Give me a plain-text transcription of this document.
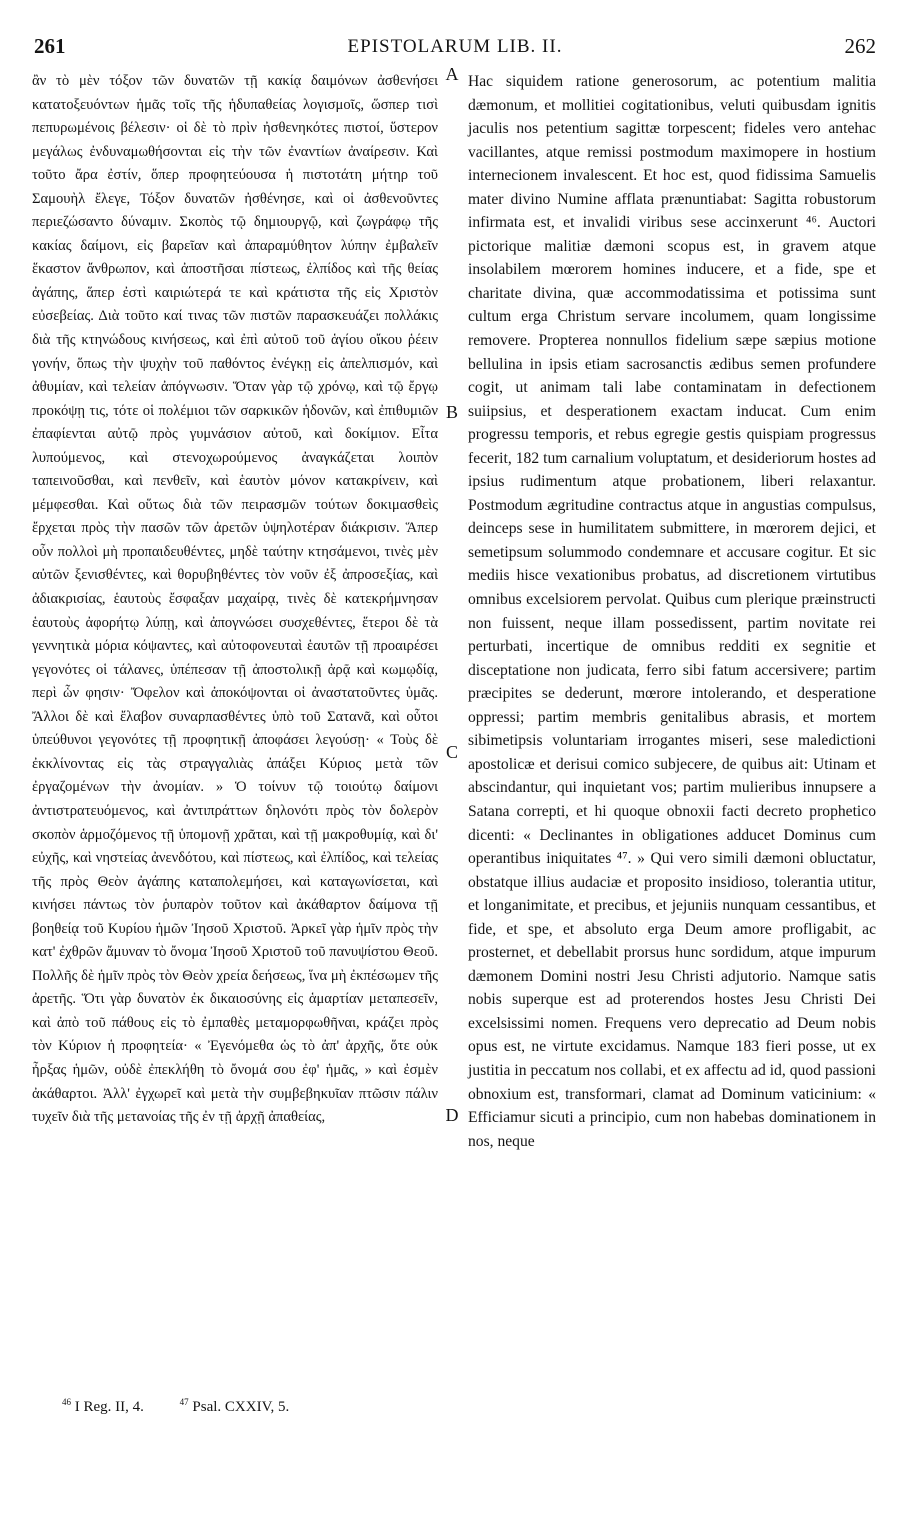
261	EPISTOLARUM LIB. II.	262

ἂν τὸ μὲν τόξον τῶν δυνατῶν τῇ κακίᾳ δαιμόνων ἀσθενήσει κατατοξευόντων ἡμᾶς τοῖς τῆς ἡδυπαθείας λογισμοῖς, ὥσπερ τισὶ πεπυρωμένοις βέλεσιν· οἱ δὲ τὸ πρὶν ἠσθενηκότες πιστοί, ὕστερον μεγάλως ἐνδυναμωθήσονται εἰς τὴν τῶν ἐναντίων ἀναίρεσιν. Καὶ τοῦτο ἄρα ἐστίν, ὅπερ προφητεύουσα ἡ πιστοτάτη μήτηρ τοῦ Σαμουὴλ ἔλεγε, Τόξον δυνατῶν ἠσθένησε, καὶ οἱ ἀσθενοῦντες περιεζώσαντο δύναμιν. Σκοπὸς τῷ δημιουργῷ, καὶ ζωγράφῳ τῆς κακίας δαίμονι, εἰς βαρεῖαν καὶ ἀπαραμύθητον λύπην ἐμβαλεῖν ἕκαστον ἄνθρωπον, καὶ ἀποστῆσαι πίστεως, ἐλπίδος καὶ τῆς θείας ἀγάπης, ἅπερ ἐστὶ καιριώτερά τε καὶ κράτιστα τῆς εἰς Χριστὸν εὐσεβείας. Διὰ τοῦτο καί τινας τῶν πιστῶν παρασκευάζει πολλάκις διὰ τῆς κτηνώδους κινήσεως, καὶ ἐπὶ αὐτοῦ τοῦ ἁγίου οἴκου ῥέειν γονήν, ὅπως τὴν ψυχὴν τοῦ παθόντος ἐνέγκῃ εἰς ἀπελπισμόν, καὶ ἀθυμίαν, καὶ τελείαν ἀπόγνωσιν. Ὅταν γὰρ τῷ χρόνῳ, καὶ τῷ ἔργῳ προκόψῃ τις, τότε οἱ πολέμιοι τῶν σαρκικῶν ἡδονῶν, καὶ ἐπιθυμιῶν ἐπαφίενται αὐτῷ πρὸς γυμνάσιον αὐτοῦ, καὶ δοκίμιον. Εἶτα λυπούμενος, καὶ στενοχωρούμενος ἀναγκάζεται λοιπὸν ταπεινοῦσθαι, καὶ πενθεῖν, καὶ ἑαυτὸν μόνον κατακρίνειν, καὶ μέμφεσθαι. Καὶ οὕτως διὰ τῶν πειρασμῶν τούτων δοκιμασθεὶς ἔρχεται πρὸς τὴν πασῶν τῶν ἀρετῶν ὑψηλοτέραν διάκρισιν. Ἅπερ οὖν πολλοὶ μὴ προπαιδευθέντες, μηδὲ ταύτην κτησάμενοι, τινὲς μὲν αὐτῶν ξενισθέντες, καὶ θορυβηθέντες τὸν νοῦν ἐξ ἀπροσεξίας, καὶ ἀδιακρισίας, ἑαυτοὺς ἔσφαξαν μαχαίρᾳ, τινὲς δὲ κατεκρήμνησαν ἑαυτοὺς ἀφορήτῳ λύπῃ, καὶ ἀπογνώσει συσχεθέντες, ἕτεροι δὲ τὰ γεννητικὰ μόρια κόψαντες, καὶ αὐτοφονευταὶ ἑαυτῶν τῇ προαιρέσει γεγονότες οἱ τάλανες, ὑπέπεσαν τῇ ἀποστολικῇ ἀρᾷ καὶ κωμῳδίᾳ, περὶ ὧν φησιν· Ὄφελον καὶ ἀποκόψονται οἱ ἀναστατοῦντες ὑμᾶς. Ἄλλοι δὲ καὶ ἔλαβον συναρπασθέντες ὑπὸ τοῦ Σατανᾶ, καὶ οὗτοι ὑπεύθυνοι γεγονότες τῇ προφητικῇ ἀποφάσει λεγούσῃ· « Τοὺς δὲ ἐκκλίνοντας εἰς τὰς στραγγαλιὰς ἀπάξει Κύριος μετὰ τῶν ἐργαζομένων τὴν ἀνομίαν. » Ὁ τοίνυν τῷ τοιούτῳ δαίμονι ἀντιστρατευόμενος, καὶ ἀντιπράττων δηλονότι πρὸς τὸν δολερὸν σκοπὸν ἁρμοζόμενος τῇ ὑπομονῇ χρᾶται, καὶ τῇ μακροθυμίᾳ, καὶ δι' εὐχῆς, καὶ νηστείας ἀνενδότου, καὶ πίστεως, καὶ ἐλπίδος, καὶ τελείας τῆς πρὸς Θεὸν ἀγάπης καταπολεμήσει, καὶ καταγωνίσεται, καὶ κινήσει πάντως τὸν ῥυπαρὸν τοῦτον καὶ ἀκάθαρτον δαίμονα τῇ βοηθείᾳ τοῦ Κυρίου ἡμῶν Ἰησοῦ Χριστοῦ. Ἀρκεῖ γὰρ ἡμῖν πρὸς τὴν κατ' ἐχθρῶν ἄμυναν τὸ ὄνομα Ἰησοῦ Χριστοῦ τοῦ πανυψίστου Θεοῦ. Πολλῆς δὲ ἡμῖν πρὸς τὸν Θεὸν χρεία δεήσεως, ἵνα μὴ ἐκπέσωμεν τῆς ἀρετῆς. Ὅτι γὰρ δυνατὸν ἐκ δικαιοσύνης εἰς ἁμαρτίαν μεταπεσεῖν, καὶ ἀπὸ τοῦ πάθους εἰς τὸ ἐμπαθὲς μεταμορφωθῆναι, κράζει πρὸς τὸν Κύριον ἡ προφητεία· « Ἐγενόμεθα ὡς τὸ ἀπ' ἀρχῆς, ὅτε οὐκ ἦρξας ἡμῶν, οὐδὲ ἐπεκλήθη τὸ ὄνομά σου ἐφ' ἡμᾶς, » καὶ ἐσμὲν ἀκάθαρτοι. Ἀλλ' ἐγχωρεῖ καὶ μετὰ τὴν συμβεβηκυῖαν πτῶσιν πάλιν τυχεῖν διὰ τῆς μετανοίας τῆς ἐν τῇ ἀρχῇ ἀπαθείας,

A
B
C
D

Hac siquidem ratione generosorum, ac potentium malitia dæmonum, et mollitiei cogitationibus, veluti quibusdam ignitis jaculis nos petentium sagittæ torpescent; fideles vero antehac vacillantes, atque remissi postmodum maximopere in hostium internecionem invalescent. Et hoc est, quod fidissima Samuelis mater divino Numine afflata prænuntiabat: Sagitta robustorum infirmata est, et invalidi viribus sese accinxerunt ⁴⁶. Auctori pictorique malitiæ dæmoni scopus est, in gravem atque insolabilem mœrorem homines inducere, et a fide, spe et charitate divina, quæ accommodatissima et potissima sunt cultum erga Christum servare incolumem, quam longissime removere. Propterea nonnullos fidelium sæpe sæpius motione bellulina in ipsis etiam sacrosanctis ædibus semen profundere cogit, ut animam tali labe contaminatam in defectionem suiipsius, et desperationem exactam inducat. Cum enim progressu temporis, et rebus egregie gestis quispiam progressus fecerit, 182 tum carnalium voluptatum, et desideriorum hostes ad ipsius rudimentum atque probationem, liberi relaxantur. Postmodum ægritudine contractus atque in angustias compulsus, deinceps sese in humilitatem submittere, in mœrorem dejici, et semetipsum solummodo condemnare et accusare cogitur. Et sic mediis hisce vexationibus probatus, ad discretionem virtutibus omnibus excelsiorem pervolat. Quibus cum plerique præinstructi non fuissent, neque illam possedissent, partim novitate rei perturbati, incertique de omnibus redditi ex segnitie et disceptatione non judicata, ferro sibi fatum accersivere; partim præcipites se dederunt, mœrore intolerando, et desperatione oppressi; partim membris genitalibus abrasis, et mortem sibimetipsis voluntariam irrogantes miseri, sese maledictioni apostolicæ et derisui comico subjecere, de quibus ait: Utinam et abscindantur, qui inquietant vos; partim mulieribus innupsere a Satana correpti, et hi quoque obnoxii facti decreto prophetico dicenti: « Declinantes in obligationes adducet Dominus cum operantibus iniquitates ⁴⁷. » Qui vero simili dæmoni obluctatur, obstatque illius audaciæ et proposito insidioso, tolerantia utitur, et longanimitate, et precibus, et jejuniis nunquam cessantibus, et fide, et spe, et absoluto erga Deum amore profligabit, ac prosternet, et debellabit prorsus hunc sordidum, atque impurum dæmonem Domini nostri Jesu Christi adjutorio. Namque satis nobis superque est ad proterendos hostes Jesu Christi Dei excelsissimi nomen. Frequens vero deprecatio ad Deum nobis opus est, ne virtute excidamus. Namque 183 fieri posse, ut ex justitia in peccatum nos collabi, et ex affectu ad id, quod passioni obnoxium est, transformari, clamat ad Dominum vaticinium: « Efficiamur sicuti a principio, cum non habebas dominationem in nos, neque

$^{46}$ I Reg. II, 4.	$^{47}$ Psal. CXXIV, 5.
